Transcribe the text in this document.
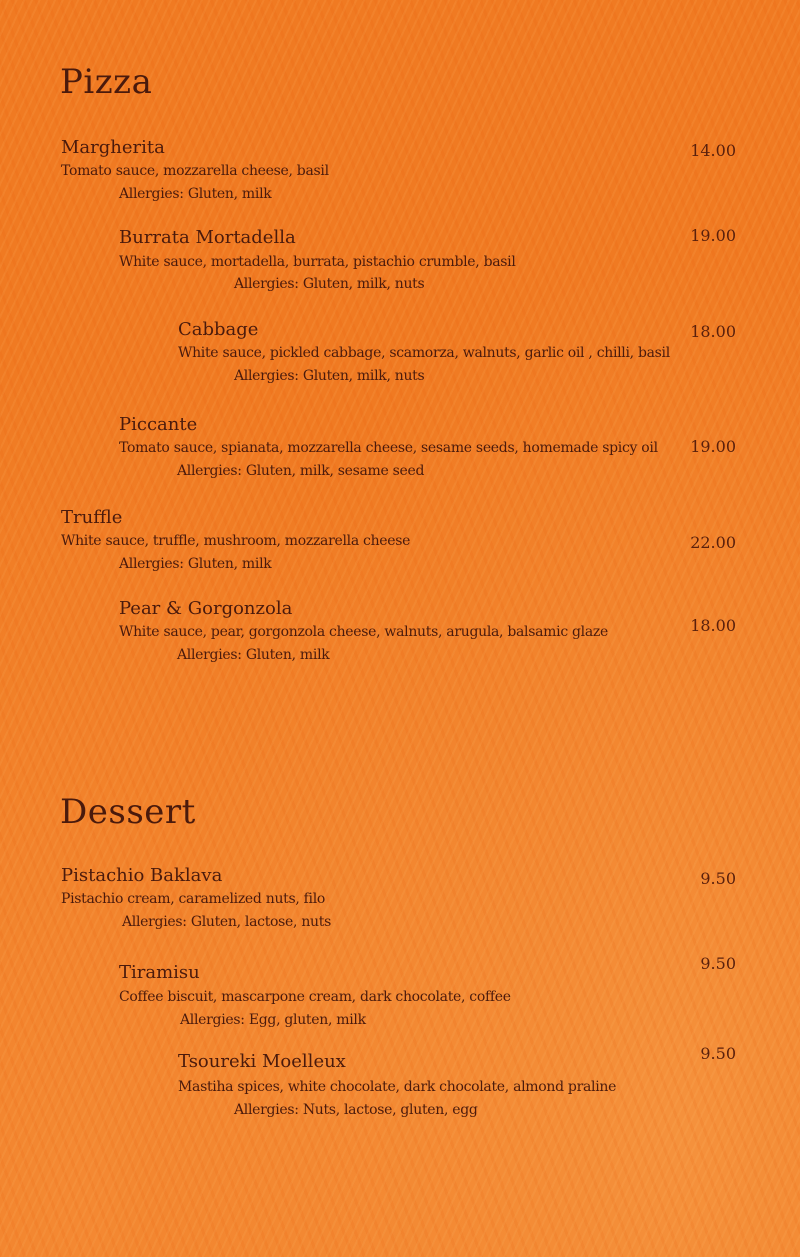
Pizza
Margherita
Tomato sauce, mozzarella cheese, basil
Allergies: Gluten, milk
14.00
Burrata Mortadella
White sauce, mortadella, burrata, pistachio crumble, basil
Allergies: Gluten, milk, nuts
19.00
Cabbage
White sauce, pickled cabbage, scamorza, walnuts, garlic oil , chilli, basil
Allergies: Gluten, milk, nuts
18.00
Piccante
Tomato sauce, spianata, mozzarella cheese, sesame seeds, homemade spicy oil
Allergies: Gluten, milk, sesame seed
19.00
Truffle
White sauce, truffle, mushroom, mozzarella cheese
Allergies: Gluten, milk
22.00
Pear & Gorgonzola
White sauce, pear, gorgonzola cheese, walnuts, arugula, balsamic glaze
Allergies: Gluten, milk
18.00
Dessert
Pistachio Baklava
Pistachio cream, caramelized nuts, filo
Allergies: Gluten, lactose, nuts
9.50
Tiramisu
Coffee biscuit, mascarpone cream, dark chocolate, coffee
Allergies: Egg, gluten, milk
9.50
Tsoureki Moelleux
Mastiha spices, white chocolate, dark chocolate, almond praline
Allergies: Nuts, lactose, gluten, egg
9.50
